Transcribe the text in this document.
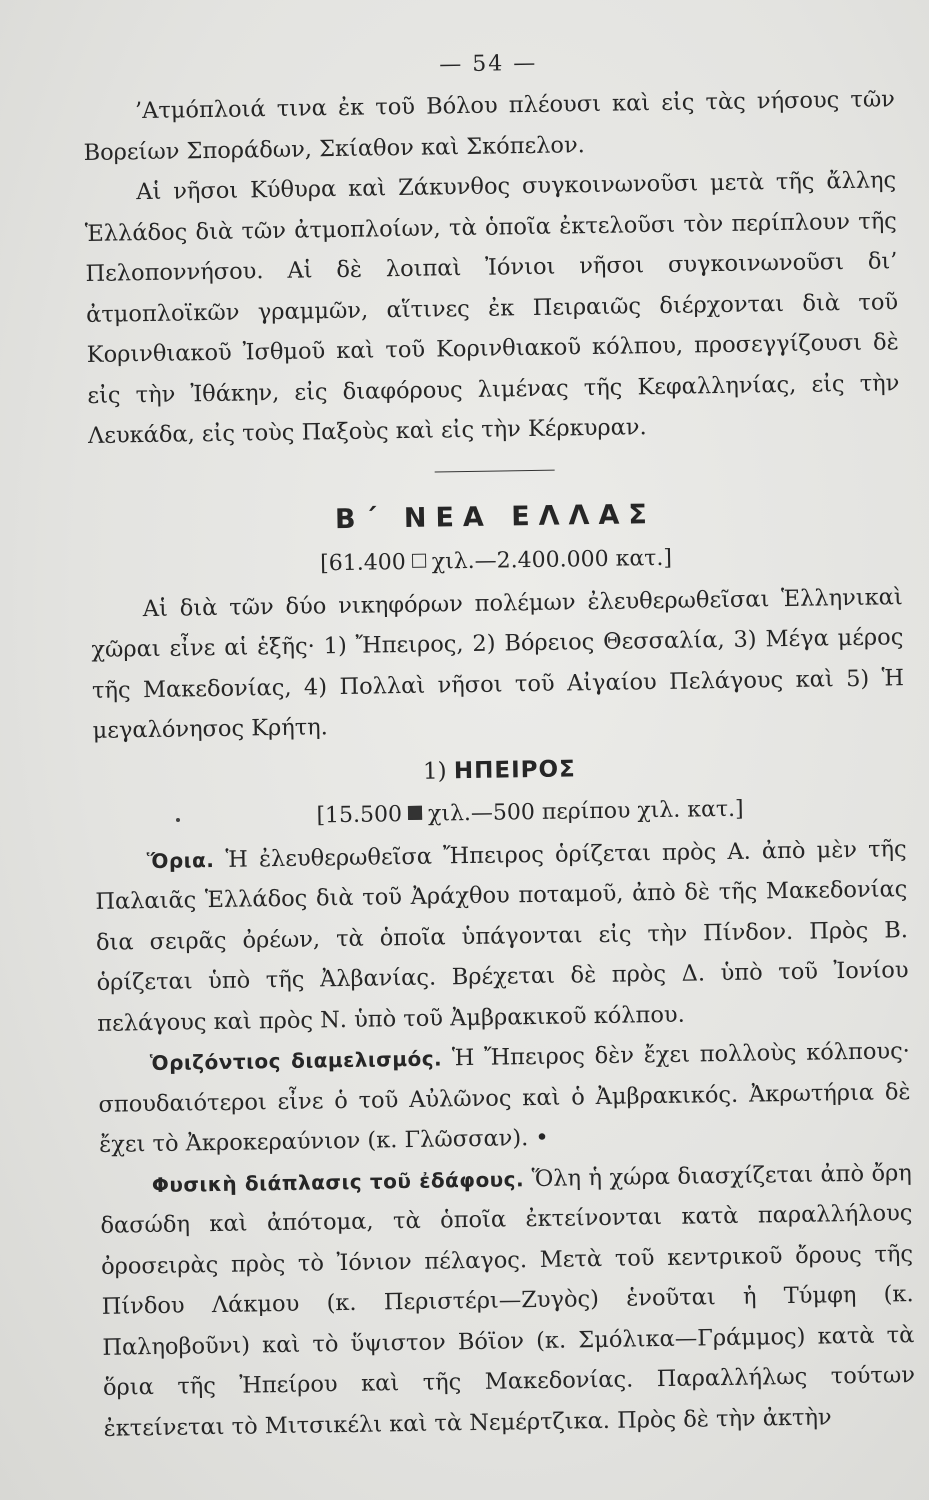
— 54 —

’Ατμόπλοιά τινα ἐκ τοῦ Βόλου πλέουσι καὶ εἰς τὰς νήσους τῶν Βορείων Σποράδων, Σκίαθον καὶ Σκόπελον.

Αἱ νῆσοι Κύθυρα καὶ Ζάκυνθος συγκοινωνοῦσι μετὰ τῆς ἄλλης Ἑλλάδος διὰ τῶν ἀτμοπλοίων, τὰ ὁποῖα ἐκτελοῦσι τὸν περίπλουν τῆς Πελοποννήσου. Αἱ δὲ λοιπαὶ Ἰόνιοι νῆσοι συγκοινωνοῦσι δι’ ἀτμοπλοϊκῶν γραμμῶν, αἵτινες ἐκ Πειραιῶς διέρχονται διὰ τοῦ Κορινθιακοῦ Ἰσθμοῦ καὶ τοῦ Κορινθιακοῦ κόλπου, προσεγγίζουσι δὲ εἰς τὴν Ἰθάκην, εἰς διαφόρους λιμένας τῆς Κεφαλληνίας, εἰς τὴν Λευκάδα, εἰς τοὺς Παξοὺς καὶ εἰς τὴν Κέρκυραν.

Β΄ ΝΕΑ ΕΛΛΑΣ
[61.400 χιλ.—2.400.000 κατ.]

Αἱ διὰ τῶν δύο νικηφόρων πολέμων ἐλευθερωθεῖσαι Ἑλληνικαὶ χῶραι εἶνε αἱ ἑξῆς· 1) Ἤπειρος, 2) Βόρειος Θεσσαλία, 3) Μέγα μέρος τῆς Μακεδονίας, 4) Πολλαὶ νῆσοι τοῦ Αἰγαίου Πελάγους καὶ 5) Ἡ μεγαλόνησος Κρήτη.

1) ΗΠΕΙΡΟΣ
[15.500 χιλ.—500 περίπου χιλ. κατ.]

Ὅρια. Ἡ ἐλευθερωθεῖσα Ἤπειρος ὁρίζεται πρὸς Α. ἀπὸ μὲν τῆς Παλαιᾶς Ἑλλάδος διὰ τοῦ Ἀράχθου ποταμοῦ, ἀπὸ δὲ τῆς Μακεδονίας δια σειρᾶς ὀρέων, τὰ ὁποῖα ὑπάγονται εἰς τὴν Πίνδον. Πρὸς Β. ὁρίζεται ὑπὸ τῆς Ἀλβανίας. Βρέχεται δὲ πρὸς Δ. ὑπὸ τοῦ Ἰονίου πελάγους καὶ πρὸς Ν. ὑπὸ τοῦ Ἀμβρακικοῦ κόλπου.

Ὁριζόντιος διαμελισμός. Ἡ Ἤπειρος δὲν ἔχει πολλοὺς κόλπους· σπουδαιότεροι εἶνε ὁ τοῦ Αὐλῶνος καὶ ὁ Ἀμβρακικός. Ἀκρωτήρια δὲ ἔχει τὸ Ἀκροκεραύνιον (κ. Γλῶσσαν). •

Φυσικὴ διάπλασις τοῦ ἐδάφους. Ὅλη ἡ χώρα διασχίζεται ἀπὸ ὄρη δασώδη καὶ ἀπότομα, τὰ ὁποῖα ἐκτείνονται κατὰ παραλλήλους ὀροσειρὰς πρὸς τὸ Ἰόνιον πέλαγος. Μετὰ τοῦ κεντρικοῦ ὄρους τῆς Πίνδου Λάκμου (κ. Περιστέρι—Ζυγὸς) ἑνοῦται ἡ Τύμφη (κ. Παληοβοῦνι) καὶ τὸ ὕψιστον Βόϊον (κ. Σμόλικα—Γράμμος) κατὰ τὰ ὅρια τῆς Ἠπείρου καὶ τῆς Μακεδονίας. Παραλλήλως τούτων ἐκτείνεται τὸ Μιτσικέλι καὶ τὰ Νεμέρτζικα. Πρὸς δὲ τὴν ἀκτὴν
